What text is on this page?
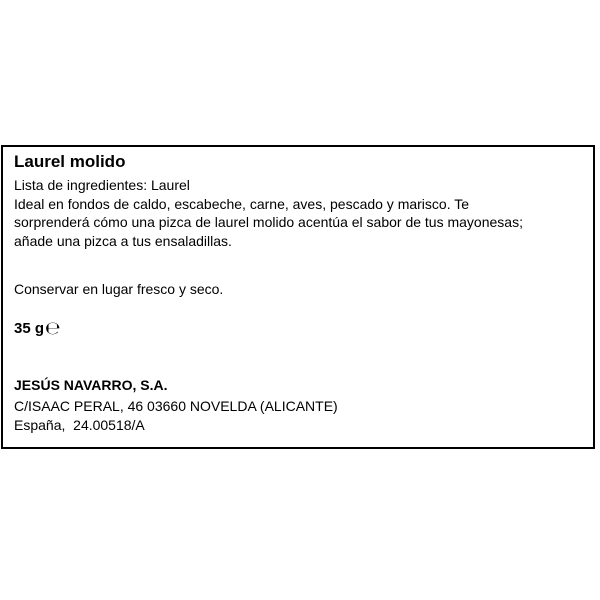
Laurel molido
Lista de ingredientes: Laurel
Ideal en fondos de caldo, escabeche, carne, aves, pescado y marisco. Te
sorprenderá cómo una pizca de laurel molido acentúa el sabor de tus mayonesas;
añade una pizca a tus ensaladillas.
Conservar en lugar fresco y seco.
35 g ℮
JESÚS NAVARRO, S.A.
C/ISAAC PERAL, 46 03660 NOVELDA (ALICANTE)
España,  24.00518/A
